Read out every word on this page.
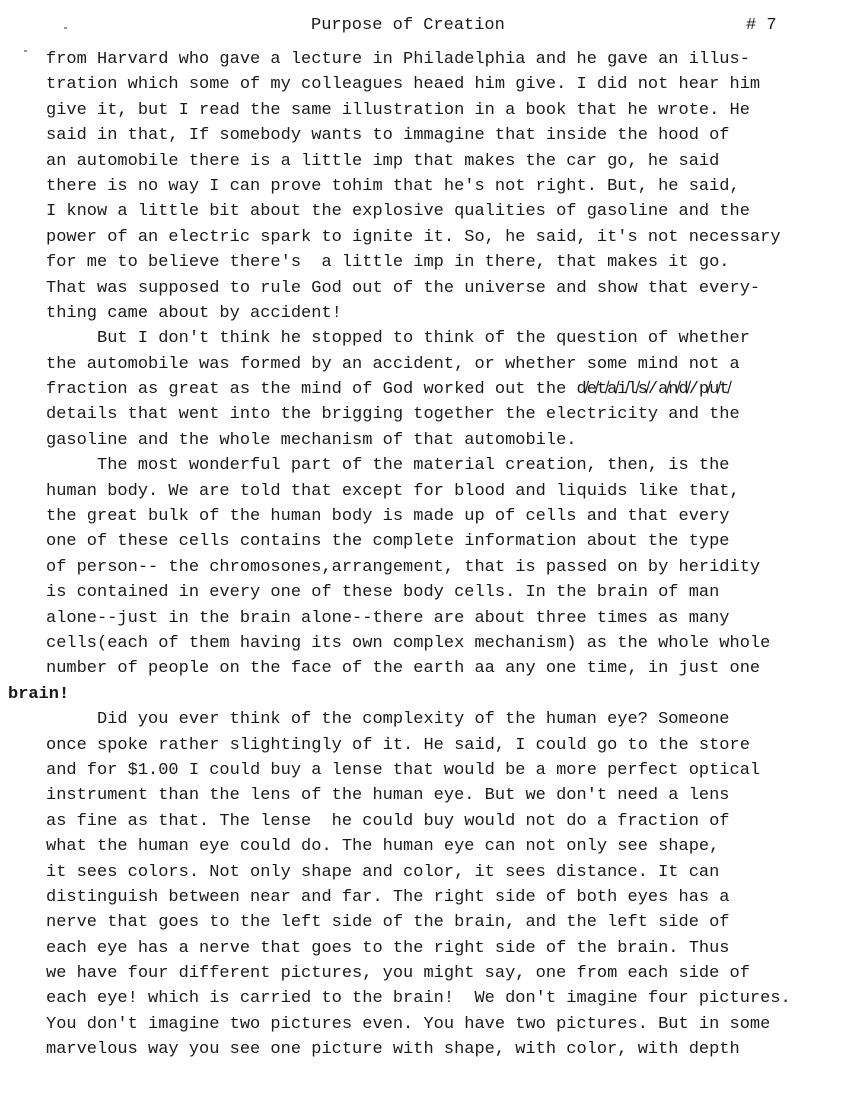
Purpose of Creation	# 7
from Harvard who gave a lecture in Philadelphia and he gave an illus-
tration which some of my colleagues heaed him give. I did not hear him
give it, but I read the same illustration in a book that he wrote. He
said in that, If somebody wants to immagine that inside the hood of
an automobile there is a little imp that makes the car go, he said
there is no way I can prove tohim that he's not right. But, he said,
I know a little bit about the explosive qualities of gasoline and the
power of an electric spark to ignite it. So, he said, it's not necessary
for me to believe there's  a little imp in there, that makes it go.
That was supposed to rule God out of the universe and show that every-
thing came about by accident!
But I don't think he stopped to think of the question of whether
the automobile was formed by an accident, or whether some mind not a
fraction as great as the mind of God worked out the d̸e̸t̸a̸i̸l̸s̸/a̸n̸d̸/p̸u̸t̸
details that went into the brigging together the electricity and the
gasoline and the whole mechanism of that automobile.
The most wonderful part of the material creation, then, is the
human body. We are told that except for blood and liquids like that,
the great bulk of the human body is made up of cells and that every
one of these cells contains the complete information about the type
of person-- the chromosones,arrangement, that is passed on by heridity
is contained in every one of these body cells. In the brain of man
alone--just in the brain alone--there are about three times as many
cells(each of them having its own complex mechanism) as the whole whole
number of people on the face of the earth aa any one time, in just one
brain!
Did you ever think of the complexity of the human eye? Someone
once spoke rather slightingly of it. He said, I could go to the store
and for $1.00 I could buy a lense that would be a more perfect optical
instrument than the lens of the human eye. But we don't need a lens
as fine as that. The lense  he could buy would not do a fraction of
what the human eye could do. The human eye can not only see shape,
it sees colors. Not only shape and color, it sees distance. It can
distinguish between near and far. The right side of both eyes has a
nerve that goes to the left side of the brain, and the left side of
each eye has a nerve that goes to the right side of the brain. Thus
we have four different pictures, you might say, one from each side of
each eye! which is carried to the brain!  We don't imagine four pictures.
You don't imagine two pictures even. You have two pictures. But in some
marvelous way you see one picture with shape, with color, with depth
